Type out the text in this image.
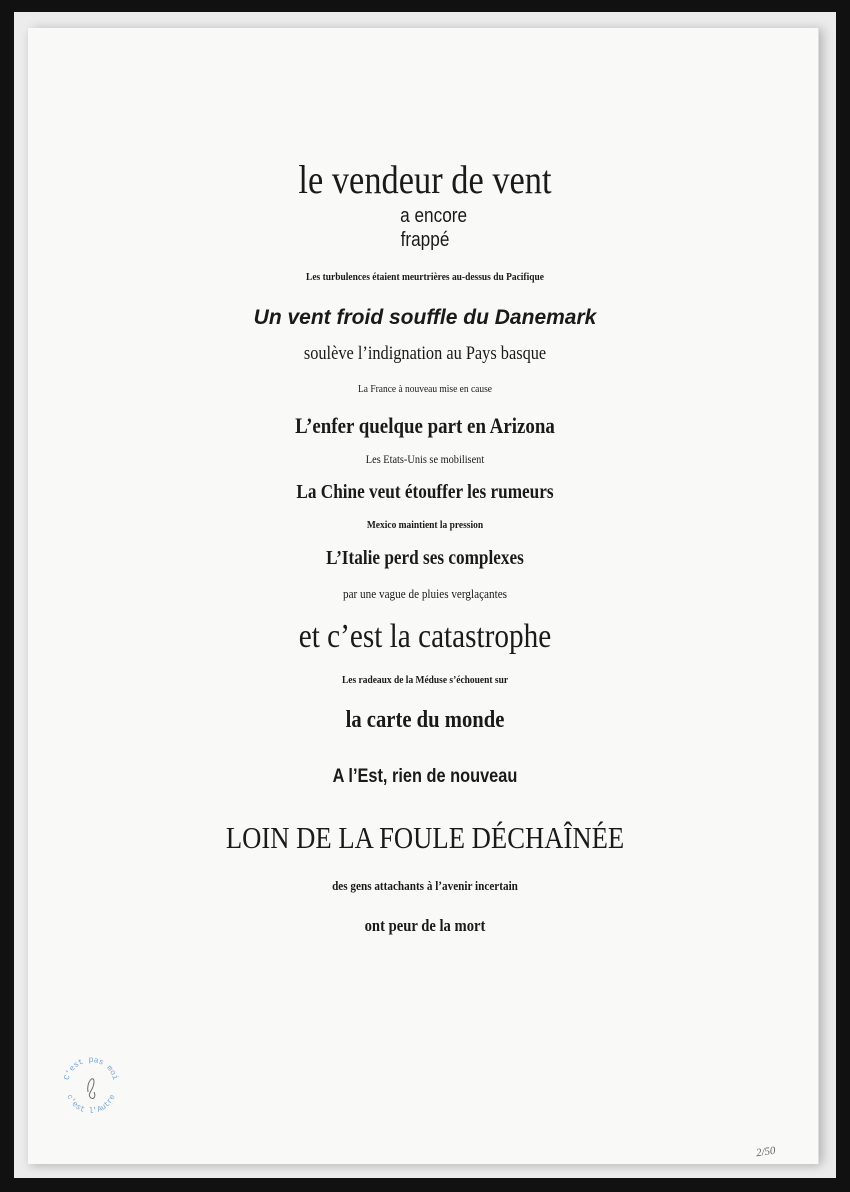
le vendeur de vent
a encore
frappé
Les turbulences étaient meurtrières au-dessus du Pacifique
Un vent froid souffle du Danemark
soulève l’indignation au Pays basque
La France à nouveau mise en cause
L’enfer quelque part en Arizona
Les Etats-Unis se mobilisent
La Chine veut étouffer les rumeurs
Mexico maintient la pression
L’Italie perd ses complexes
par une vague de pluies verglaçantes
et c’est la catastrophe
Les radeaux de la Méduse s’échouent sur
la carte du monde
A l’Est, rien de nouveau
LOIN DE LA FOULE DÉCHAÎNÉE
des gens attachants à l’avenir incertain
ont peur de la mort
C'est pas moi
c'est l'Autre
2/50
